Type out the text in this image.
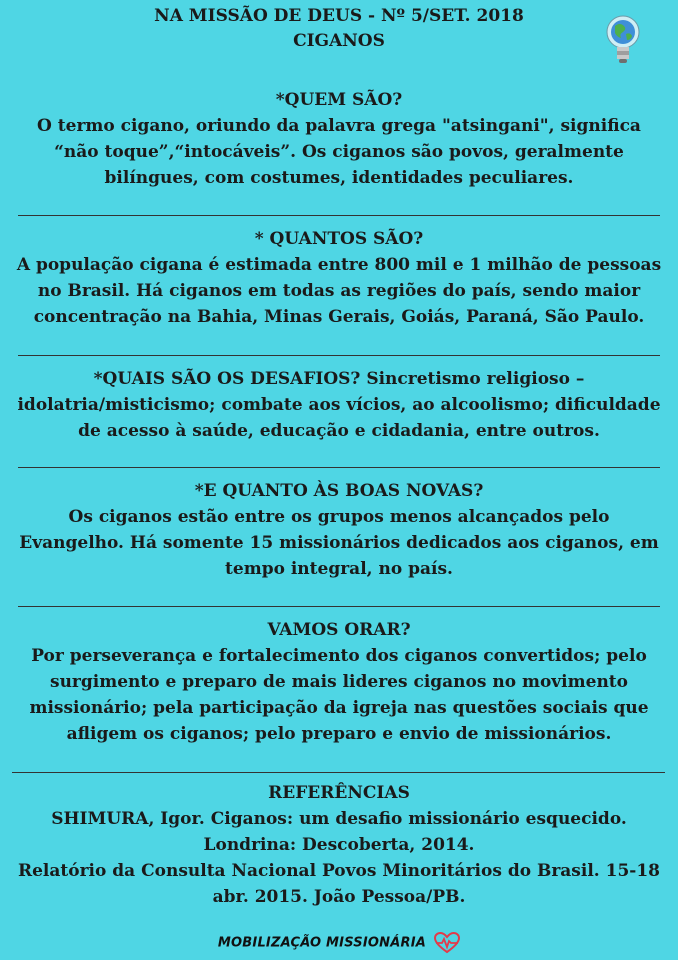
NA MISSÃO DE DEUS - Nº 5/SET. 2018
CIGANOS
*QUEM SÃO?
O termo cigano, oriundo da palavra grega "atsingani", significa “não toque”,“intocáveis”. Os ciganos são povos, geralmente bilíngues, com costumes, identidades peculiares.
* QUANTOS SÃO?
A população cigana é estimada entre 800 mil e 1 milhão de pessoas no Brasil. Há ciganos em todas as regiões do país, sendo maior concentração na Bahia, Minas Gerais, Goiás, Paraná, São Paulo.
*QUAIS SÃO OS DESAFIOS? Sincretismo religioso – idolatria/misticismo; combate aos vícios, ao alcoolismo; dificuldade de acesso à saúde, educação e cidadania, entre outros.
*E QUANTO ÀS BOAS NOVAS?
Os ciganos estão entre os grupos menos alcançados pelo Evangelho. Há somente 15 missionários dedicados aos ciganos, em tempo integral, no país.
VAMOS ORAR?
Por perseverança e fortalecimento dos ciganos convertidos; pelo surgimento e preparo de mais lideres ciganos no movimento missionário; pela participação da igreja nas questões sociais que afligem os ciganos; pelo preparo e envio de missionários.
REFERÊNCIAS
SHIMURA, Igor. Ciganos: um desafio missionário esquecido. Londrina: Descoberta, 2014.
Relatório da Consulta Nacional Povos Minoritários do Brasil. 15-18 abr. 2015. João Pessoa/PB.
MOBILIZAÇÃO MISSIONÁRIA
